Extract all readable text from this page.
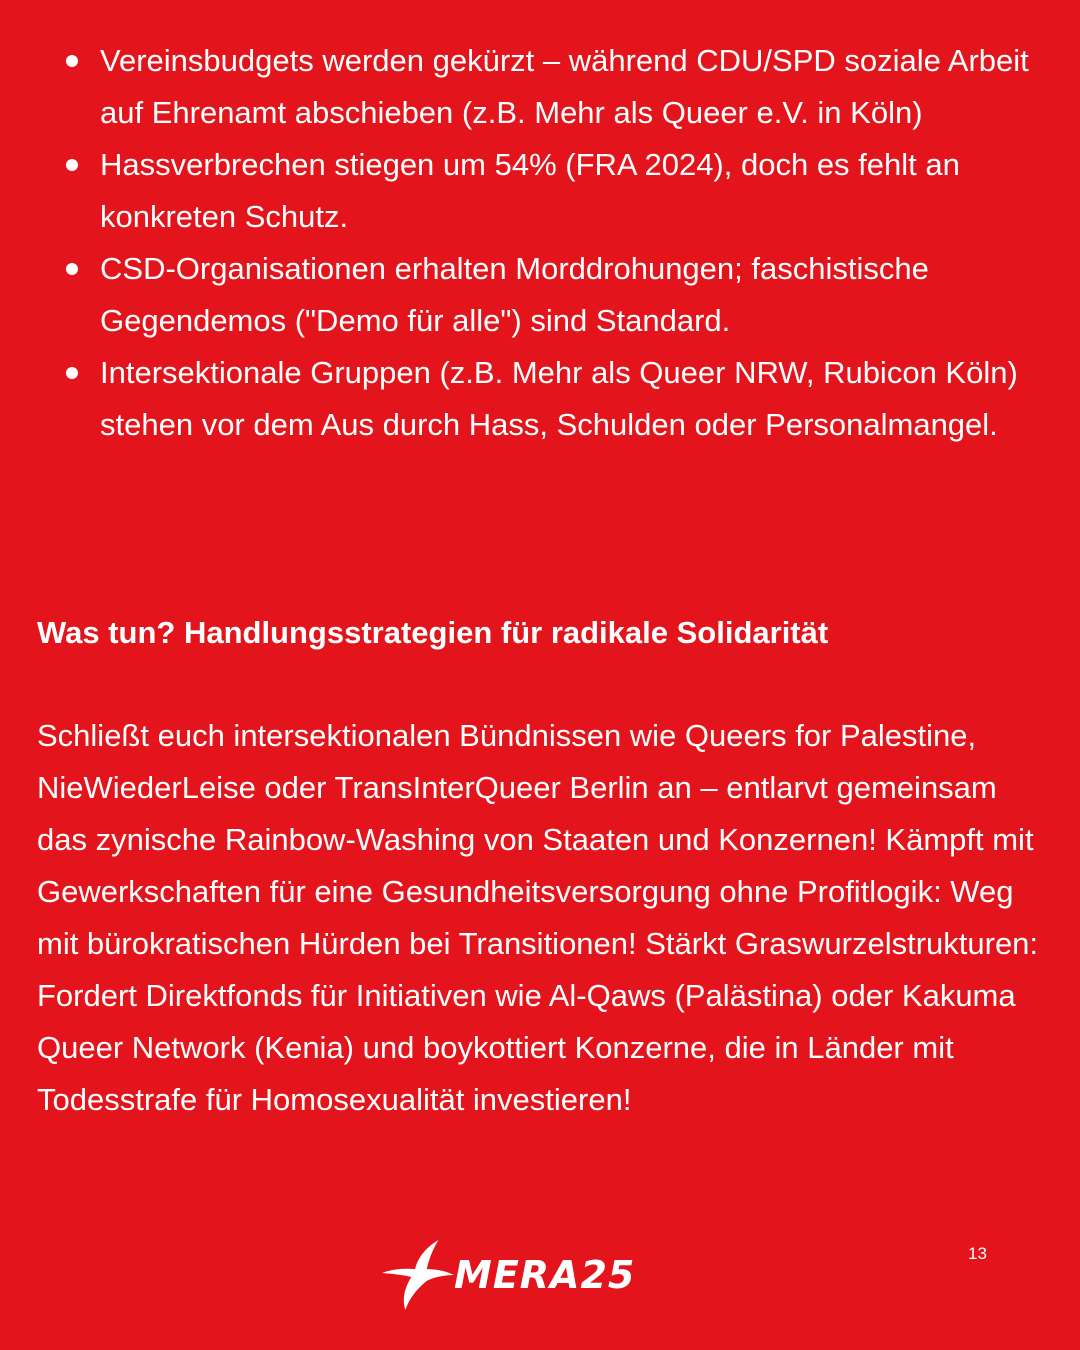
Vereinsbudgets werden gekürzt – während CDU/SPD soziale Arbeit auf Ehrenamt abschieben (z.B. Mehr als Queer e.V. in Köln)
Hassverbrechen stiegen um 54% (FRA 2024), doch es fehlt an konkreten Schutz.
CSD-Organisationen erhalten Morddrohungen; faschistische Gegendemos ("Demo für alle") sind Standard.
Intersektionale Gruppen (z.B. Mehr als Queer NRW, Rubicon Köln) stehen vor dem Aus durch Hass, Schulden oder Personalmangel.
Was tun? Handlungsstrategien für radikale Solidarität

Schließt euch intersektionalen Bündnissen wie Queers for Palestine, NieWiederLeise oder TransInterQueer Berlin an – entlarvt gemeinsam das zynische Rainbow-Washing von Staaten und Konzernen! Kämpft mit Gewerkschaften für eine Gesundheitsversorgung ohne Profitlogik: Weg mit bürokratischen Hürden bei Transitionen! Stärkt Graswurzelstrukturen: Fordert Direktfonds für Initiativen wie Al-Qaws (Palästina) oder Kakuma Queer Network (Kenia) und boykottiert Konzerne, die in Länder mit Todesstrafe für Homosexualität investieren!

MERA25	13
